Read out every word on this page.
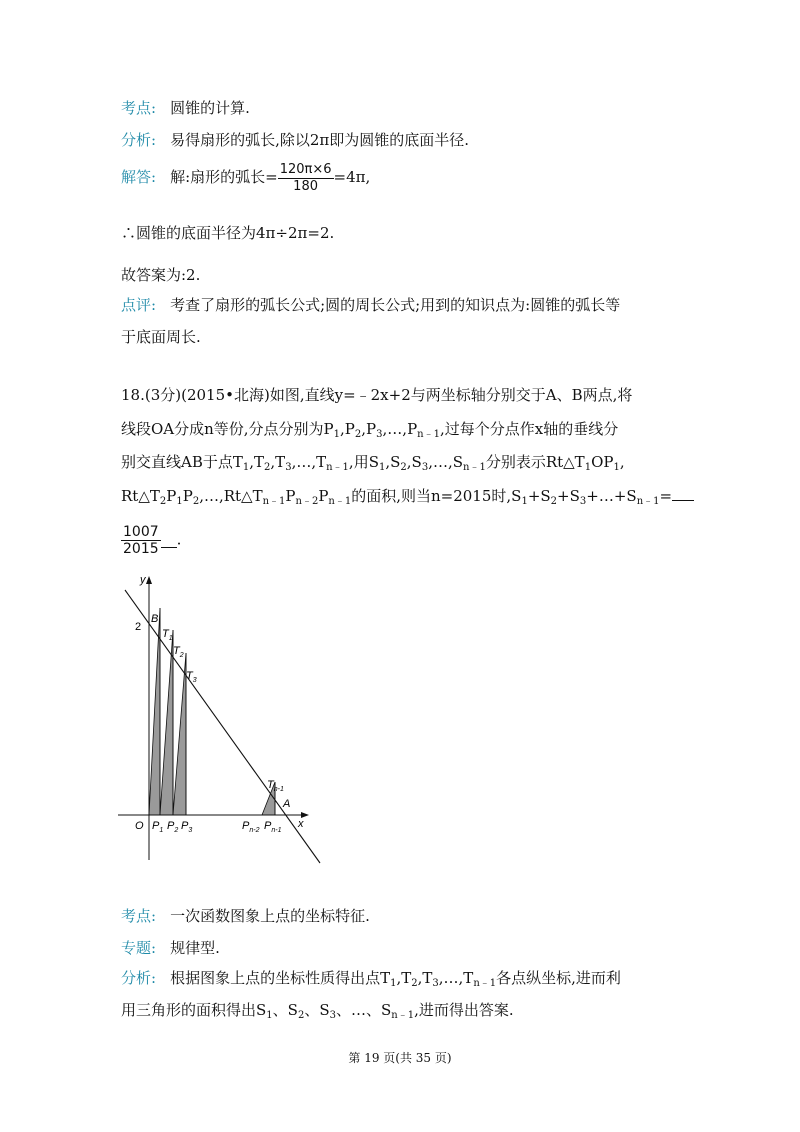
考点: 圆锥的计算.
分析: 易得扇形的弧长,除以2π即为圆锥的底面半径.
解答: 解:扇形的弧长= $\frac{120\pi\times 6}{180} =4\pi$,
∴圆锥的底面半径为4π÷2π=2.
故答案为:2.
点评: 考查了扇形的弧长公式;圆的周长公式;用到的知识点为:圆锥的弧长等
于底面周长.
18.(3分)(2015•北海)如图,直线y=﹣2x+2与两坐标轴分别交于A、B两点,将
线段OA分成n等份,分点分别为$P_1,P_2,P_3,\dots,P_{n﹣1}$,过每个分点作x轴的垂线分
别交直线AB于点$T_1,T_2,T_3,\dots,T_{n﹣1}$,用$S_1,S_2,S_3,\dots,S_{n﹣1}$分别表示$Rt\triangle T_1OP_1$,
$Rt\triangle T_2P_1P_2,\dots,Rt\triangle T_{n﹣1}P_{n﹣2}P_{n﹣1}$的面积,则当n=2015时$,S_1+S_2+S_3+\dots+S_{n﹣1}=$
$\frac{1007}{2015}$ .
y
x
O
2
B
A
$T_1$
$T_2$
$T_3$
$T_{n-1}$
$P_1$ $P_2$ $P_3$	$P_{n-2}$ $P_{n-1}$
考点: 一次函数图象上点的坐标特征.
专题: 规律型.
分析: 根据图象上点的坐标性质得出点$T_1,T_2,T_3,\dots,T_{n﹣1}$各点纵坐标,进而利
用三角形的面积得出$S_1$、$S_2$、$S_3$、…、$S_{n﹣1}$,进而得出答案.
第 19 页(共 35 页)
